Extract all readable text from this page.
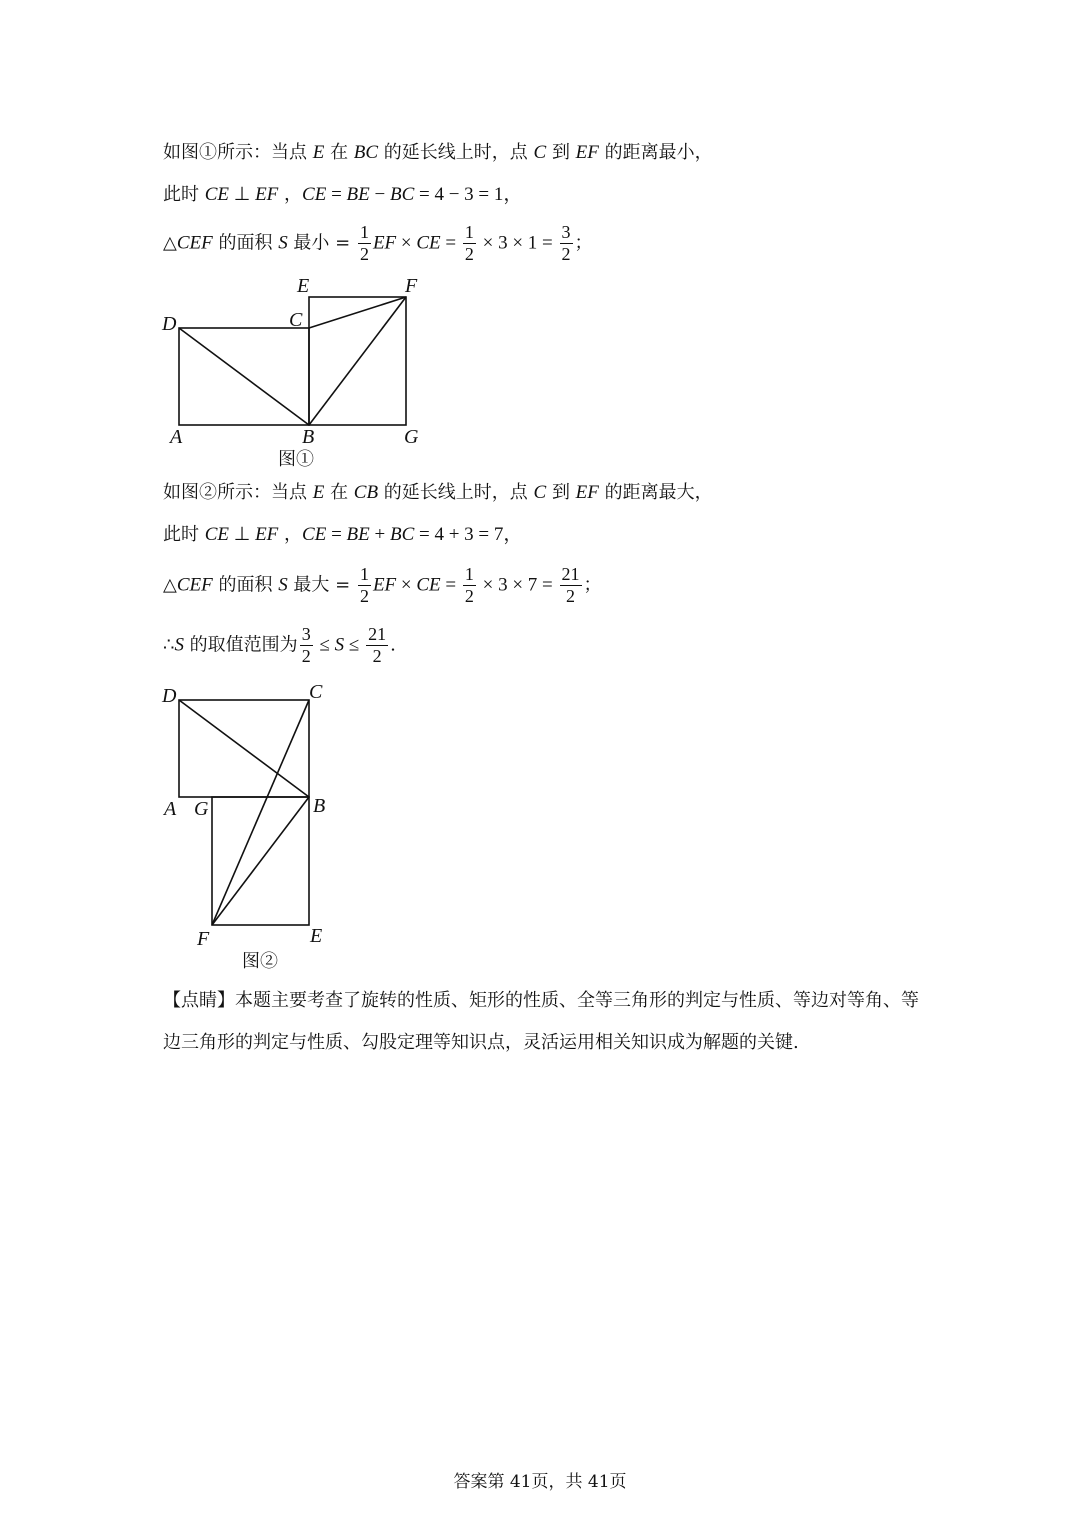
如图①所示：当点 E 在 BC 的延长线上时，点 C 到 EF 的距离最小，
此时 CE ⊥ EF ，CE = BE − BC = 4 − 3 = 1，
△CEF 的面积 S 最小 = $\frac{1}{2}$ EF × CE = $\frac{1}{2} \times 3 \times 1 = \frac{3}{2}$ ；
D	C
E	F
A	B	G
图①
如图②所示：当点 E 在 CB 的延长线上时，点 C 到 EF 的距离最大，
此时 CE ⊥ EF ，CE = BE + BC = 4 + 3 = 7，
△CEF 的面积 S 最大 = $\frac{1}{2}$ EF × CE = $\frac{1}{2} \times 3 \times 7 = \frac{21}{2}$ ；
∴S 的取值范围为 $\frac{3}{2} \le S \le \frac{21}{2}$ .
D	C
A G	B
F	E
图②
【点睛】本题主要考查了旋转的性质、矩形的性质、全等三角形的判定与性质、等边对等角、等边三角形的判定与性质、勾股定理等知识点，灵活运用相关知识成为解题的关键.
答案第 41页，共 41页
